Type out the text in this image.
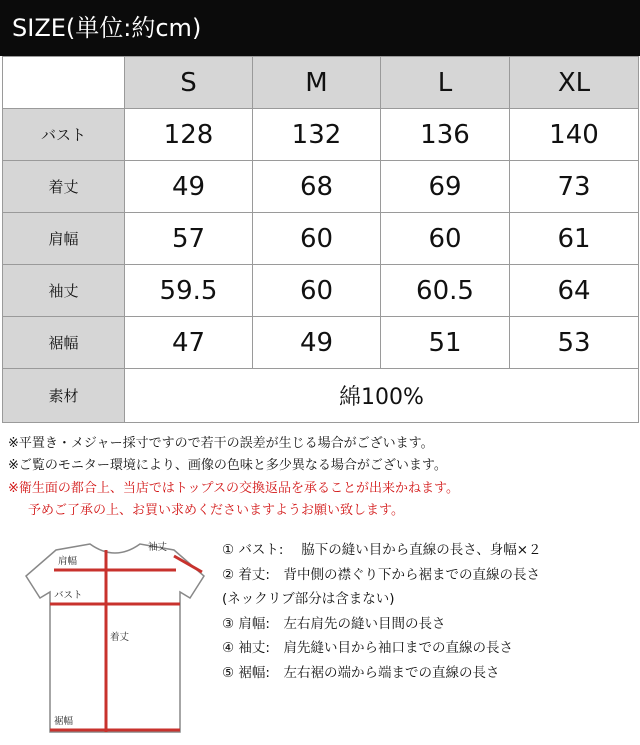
SIZE(単位:約cm)
	S	M	L	XL
バスト	128	132	136	140
着丈	49	68	69	73
肩幅	57	60	60	61
袖丈	59.5	60	60.5	64
裾幅	47	49	51	53
素材	綿100%			
※平置き・メジャー採寸ですので若干の誤差が生じる場合がございます。
※ご覧のモニター環境により、画像の色味と多少異なる場合がございます。
※衛生面の都合上、当店ではトップスの交換返品を承ることが出来かねます。
予めご了承の上、お買い求めくださいますようお願い致します。
肩幅
袖丈
バスト
着丈
裾幅
① バスト:　 脇下の縫い目から直線の長さ、身幅×２
② 着丈:　背中側の襟ぐり下から裾までの直線の長さ
(ネックリブ部分は含まない)
③ 肩幅:　左右肩先の縫い目間の長さ
④ 袖丈:　肩先縫い目から袖口までの直線の長さ
⑤ 裾幅:　左右裾の端から端までの直線の長さ
